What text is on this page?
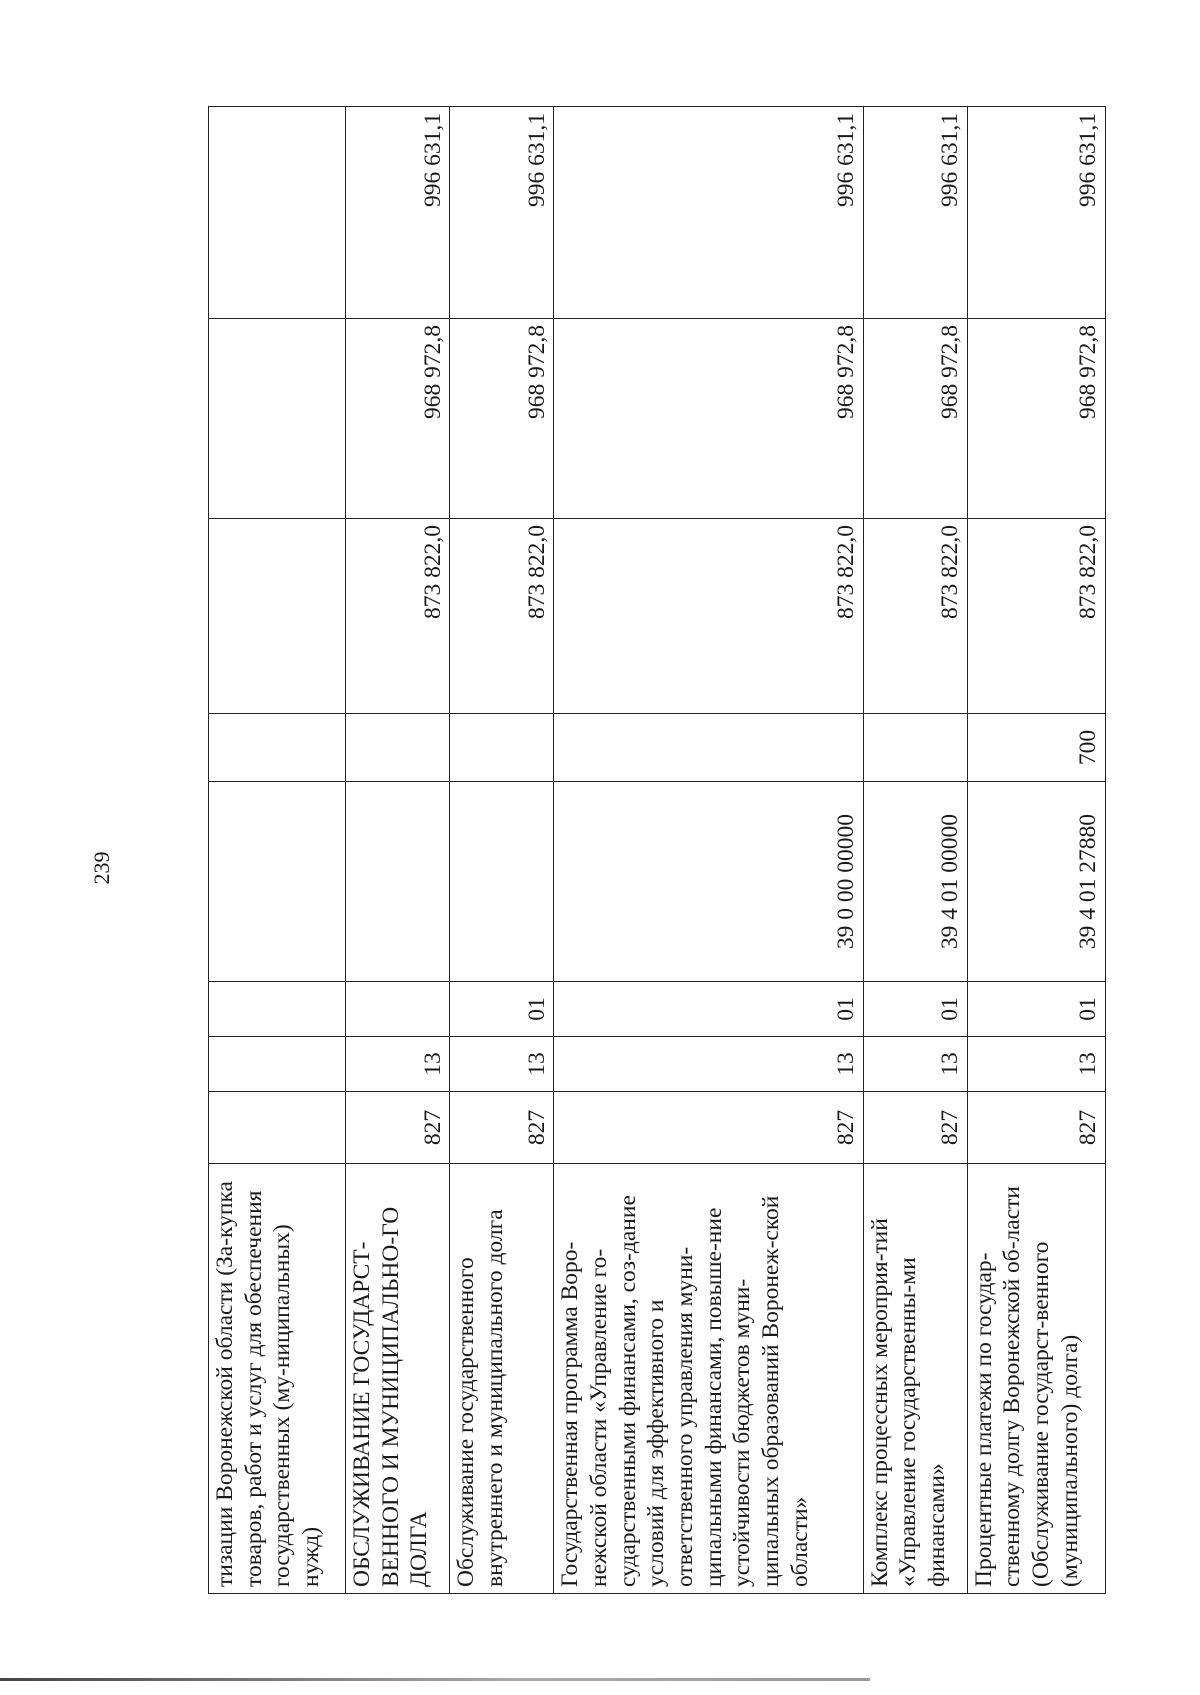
239
тизации Воронежской области (За-купка товаров, работ и услуг для обеспечения государственных (му-ниципальных) нужд)								
ОБСЛУЖИВАНИЕ ГОСУДАРСТ-ВЕННОГО И МУНИЦИПАЛЬНО-ГО ДОЛГА	827	13				873 822,0	968 972,8	996 631,1
Обслуживание государственного внутреннего и муниципального долга	827	13	01			873 822,0	968 972,8	996 631,1
Государственная программа Воро-нежской области «Управление го-сударственными финансами, соз-дание условий для эффективного и ответственного управления муни-ципальными финансами, повыше-ние устойчивости бюджетов муни-ципальных образований Воронеж-ской области»	827	13	01	39 0 00 00000		873 822,0	968 972,8	996 631,1
Комплекс процессных мероприя-тий «Управление государственны-ми финансами»	827	13	01	39 4 01 00000		873 822,0	968 972,8	996 631,1
Процентные платежи по государ-ственному долгу Воронежской об-ласти (Обслуживание государст-венного (муниципального) долга)	827	13	01	39 4 01 27880	700	873 822,0	968 972,8	996 631,1
